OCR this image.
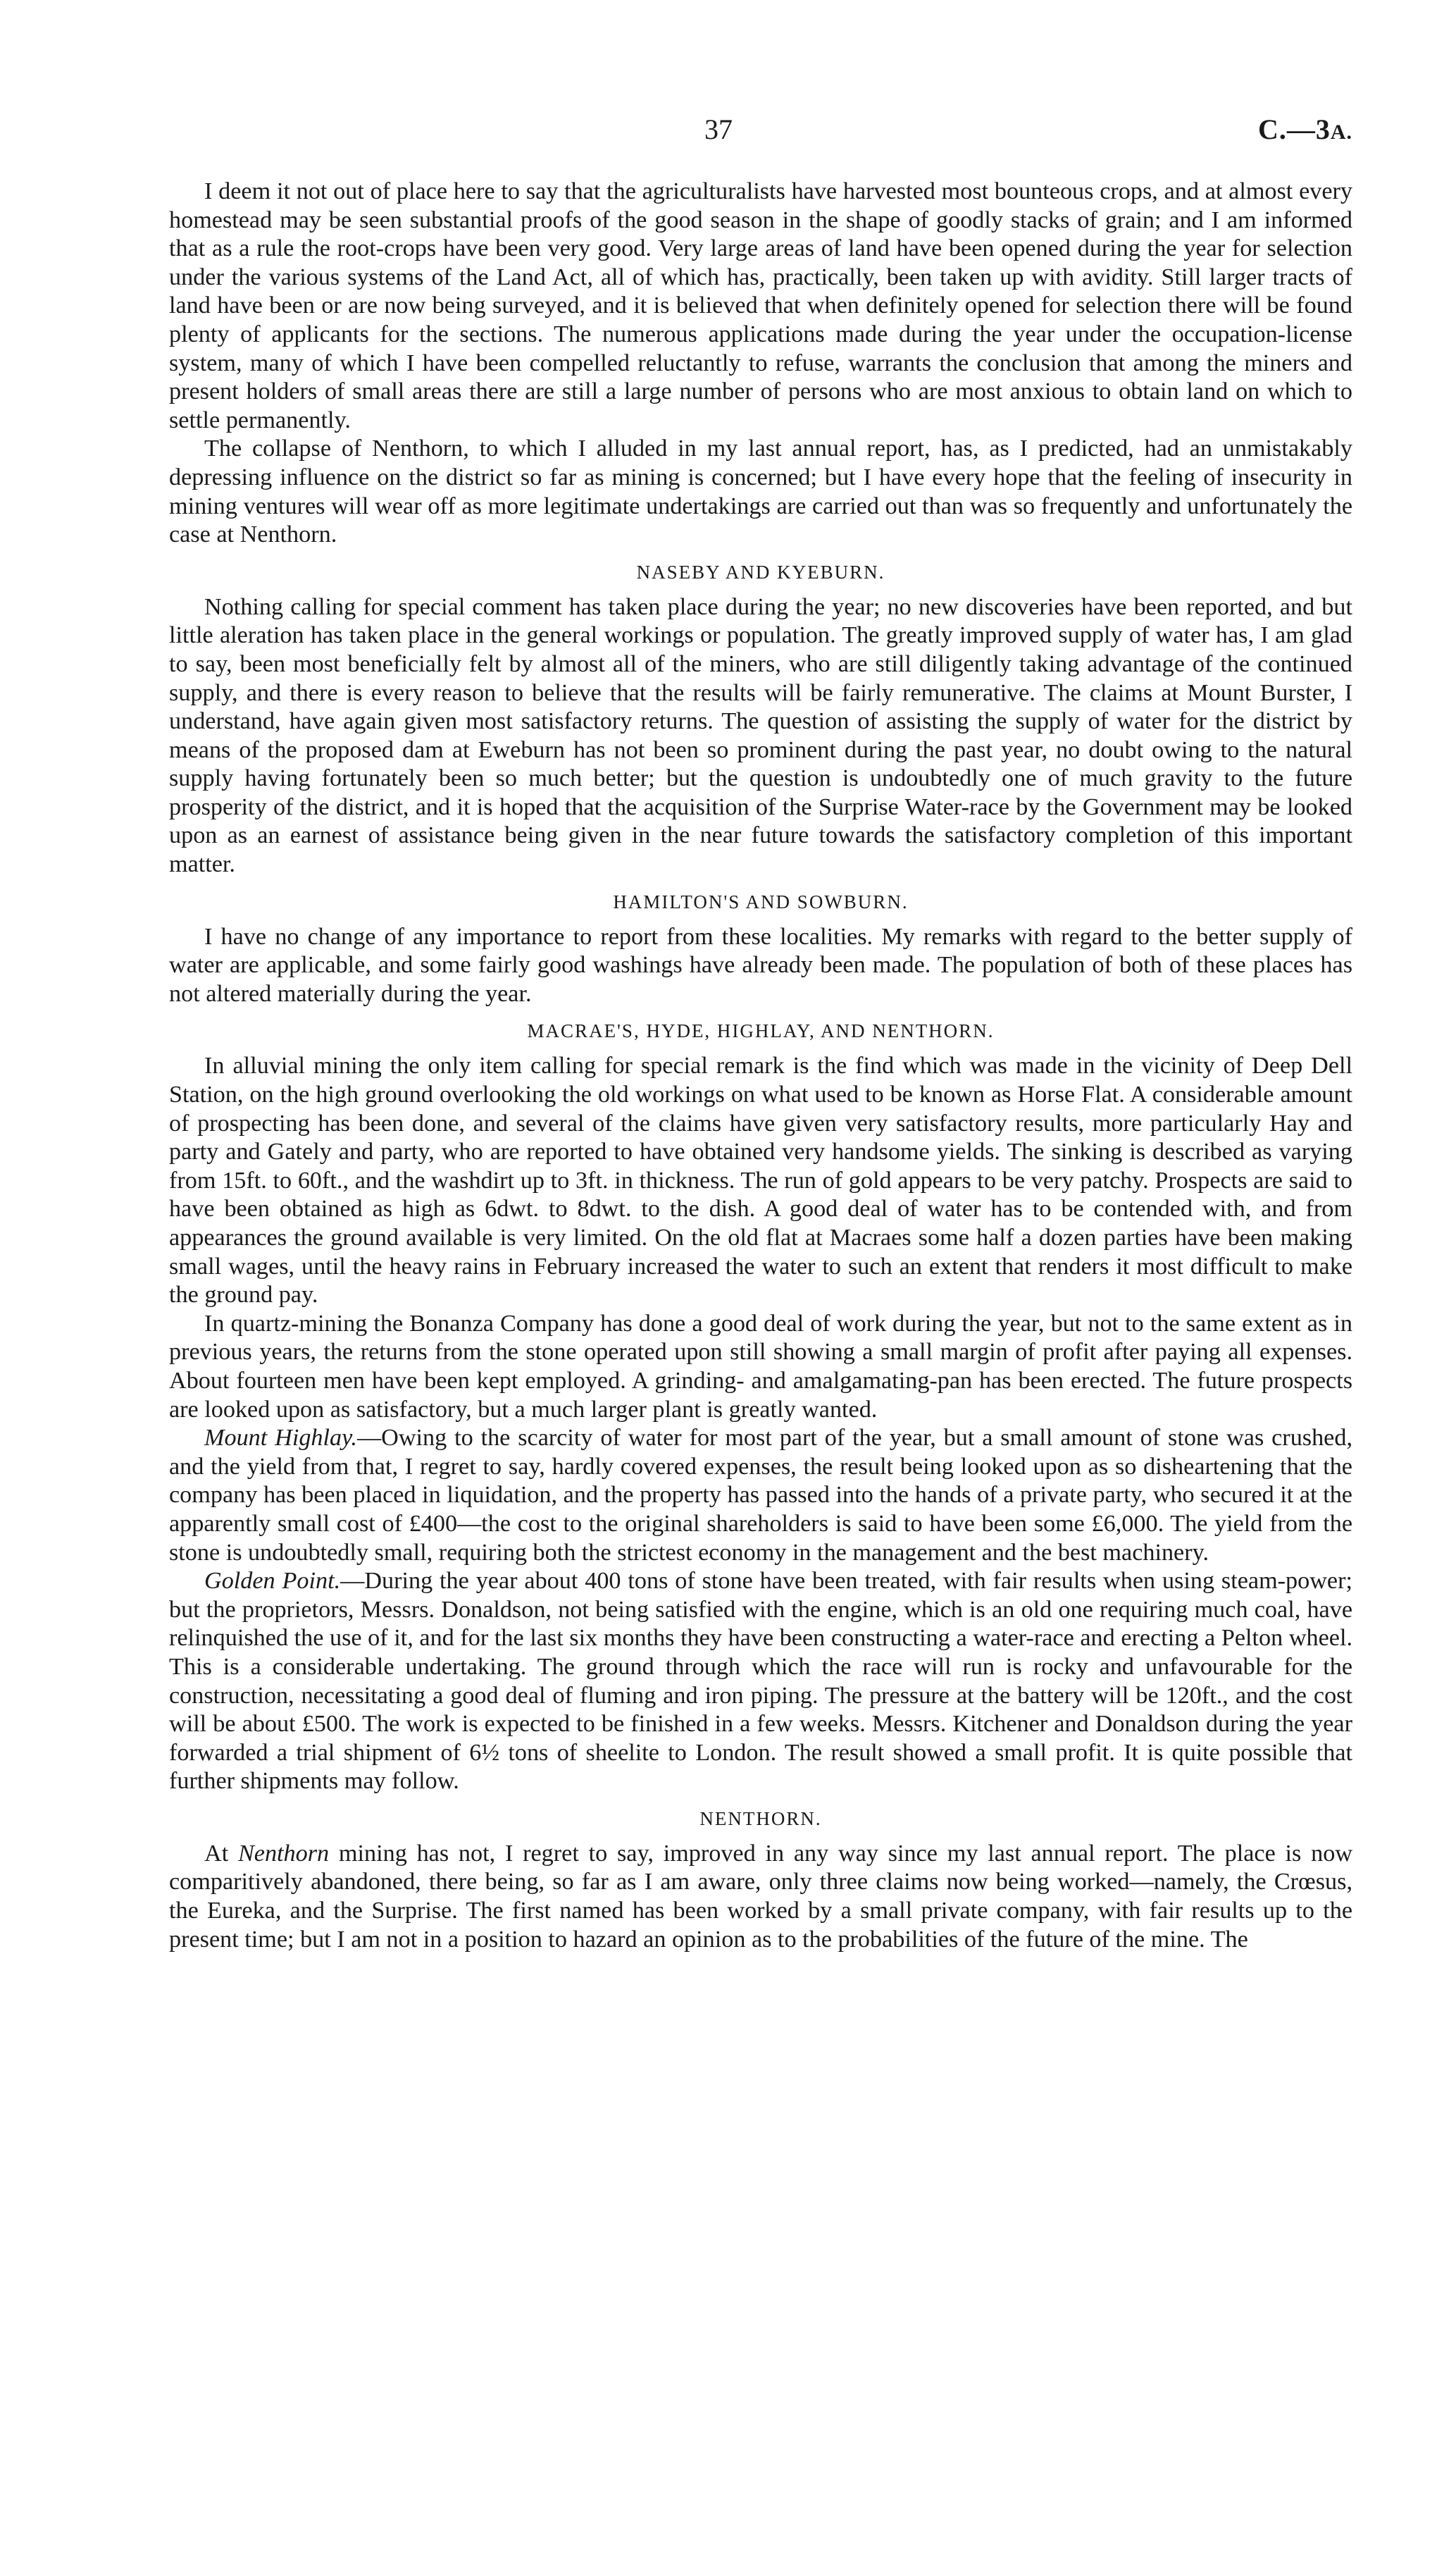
37	C.—3A.

I deem it not out of place here to say that the agriculturalists have harvested most bounteous crops, and at almost every homestead may be seen substantial proofs of the good season in the shape of goodly stacks of grain; and I am informed that as a rule the root-crops have been very good. Very large areas of land have been opened during the year for selection under the various systems of the Land Act, all of which has, practically, been taken up with avidity. Still larger tracts of land have been or are now being surveyed, and it is believed that when definitely opened for selection there will be found plenty of applicants for the sections. The numerous applications made during the year under the occupation-license system, many of which I have been compelled reluctantly to refuse, warrants the conclusion that among the miners and present holders of small areas there are still a large number of persons who are most anxious to obtain land on which to settle permanently.

The collapse of Nenthorn, to which I alluded in my last annual report, has, as I predicted, had an unmistakably depressing influence on the district so far as mining is concerned; but I have every hope that the feeling of insecurity in mining ventures will wear off as more legitimate undertakings are carried out than was so frequently and unfortunately the case at Nenthorn.

NASEBY AND KYEBURN.

Nothing calling for special comment has taken place during the year; no new discoveries have been reported, and but little aleration has taken place in the general workings or population. The greatly improved supply of water has, I am glad to say, been most beneficially felt by almost all of the miners, who are still diligently taking advantage of the continued supply, and there is every reason to believe that the results will be fairly remunerative. The claims at Mount Burster, I understand, have again given most satisfactory returns. The question of assisting the supply of water for the district by means of the proposed dam at Eweburn has not been so prominent during the past year, no doubt owing to the natural supply having fortunately been so much better; but the question is undoubtedly one of much gravity to the future prosperity of the district, and it is hoped that the acquisition of the Surprise Water-race by the Government may be looked upon as an earnest of assistance being given in the near future towards the satisfactory completion of this important matter.

HAMILTON'S AND SOWBURN.

I have no change of any importance to report from these localities. My remarks with regard to the better supply of water are applicable, and some fairly good washings have already been made. The population of both of these places has not altered materially during the year.

MACRAE'S, HYDE, HIGHLAY, AND NENTHORN.

In alluvial mining the only item calling for special remark is the find which was made in the vicinity of Deep Dell Station, on the high ground overlooking the old workings on what used to be known as Horse Flat. A considerable amount of prospecting has been done, and several of the claims have given very satisfactory results, more particularly Hay and party and Gately and party, who are reported to have obtained very handsome yields. The sinking is described as varying from 15ft. to 60ft., and the washdirt up to 3ft. in thickness. The run of gold appears to be very patchy. Prospects are said to have been obtained as high as 6dwt. to 8dwt. to the dish. A good deal of water has to be contended with, and from appearances the ground available is very limited. On the old flat at Macraes some half a dozen parties have been making small wages, until the heavy rains in February increased the water to such an extent that renders it most difficult to make the ground pay.

In quartz-mining the Bonanza Company has done a good deal of work during the year, but not to the same extent as in previous years, the returns from the stone operated upon still showing a small margin of profit after paying all expenses. About fourteen men have been kept employed. A grinding- and amalgamating-pan has been erected. The future prospects are looked upon as satisfactory, but a much larger plant is greatly wanted.

Mount Highlay.—Owing to the scarcity of water for most part of the year, but a small amount of stone was crushed, and the yield from that, I regret to say, hardly covered expenses, the result being looked upon as so disheartening that the company has been placed in liquidation, and the property has passed into the hands of a private party, who secured it at the apparently small cost of £400—the cost to the original shareholders is said to have been some £6,000. The yield from the stone is undoubtedly small, requiring both the strictest economy in the management and the best machinery.

Golden Point.—During the year about 400 tons of stone have been treated, with fair results when using steam-power; but the proprietors, Messrs. Donaldson, not being satisfied with the engine, which is an old one requiring much coal, have relinquished the use of it, and for the last six months they have been constructing a water-race and erecting a Pelton wheel. This is a considerable undertaking. The ground through which the race will run is rocky and unfavourable for the construction, necessitating a good deal of fluming and iron piping. The pressure at the battery will be 120ft., and the cost will be about £500. The work is expected to be finished in a few weeks. Messrs. Kitchener and Donaldson during the year forwarded a trial shipment of 6½ tons of sheelite to London. The result showed a small profit. It is quite possible that further shipments may follow.

NENTHORN.

At Nenthorn mining has not, I regret to say, improved in any way since my last annual report. The place is now comparitively abandoned, there being, so far as I am aware, only three claims now being worked—namely, the Crœsus, the Eureka, and the Surprise. The first named has been worked by a small private company, with fair results up to the present time; but I am not in a position to hazard an opinion as to the probabilities of the future of the mine. The
